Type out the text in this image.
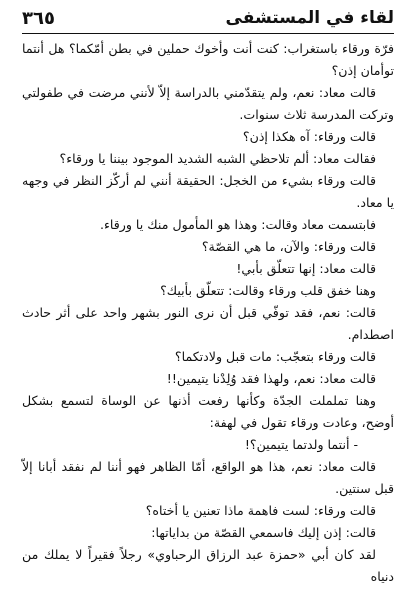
٣٦٥	لقاء في المستشفى

فرّة ورقاء باستغراب: كنت أنت وأخوك حملين في بطن أمّكما؟ هل أنتما توأمان إذن؟

قالت معاد: نعم، ولم يتقدّمني بالدراسة إلاّ لأنني مرضت في طفولتي وتركت المدرسة ثلاث سنوات.

قالت ورقاء: آه هكذا إذن؟

فقالت معاد: ألم تلاحظي الشبه الشديد الموجود بيننا يا ورقاء؟

قالت ورقاء بشيء من الخجل: الحقيقة أنني لم أركّز النظر في وجهه يا معاد.

فابتسمت معاد وقالت: وهذا هو المأمول منك يا ورقاء.

قالت ورقاء: والآن، ما هي القصّة؟

قالت معاد: إنها تتعلّق بأبي!

وهنا خفق قلب ورقاء وقالت: تتعلّق بأبيك؟

قالت: نعم، فقد توفّي قبل أن نرى النور بشهر واحد على أثر حادث اصطدام.

قالت ورقاء بتعجّب: مات قبل ولادتكما؟

قالت معاد: نعم، ولهذا فقد وُلِدْنا يتيمين!!

وهنا تململت الجدّة وكأنها رفعت أذنها عن الوساة لتسمع بشكل أوضح، وعادت ورقاء تقول في لهفة:

- أنتما ولدتما يتيمين؟!

قالت معاد: نعم، هذا هو الواقع، أمّا الظاهر فهو أننا لم نفقد أبانا إلاّ قبل سنتين.

قالت ورقاء: لست فاهمة ماذا تعنين يا أختاه؟

قالت: إذن إليك فاسمعي القصّة من بداياتها:

لقد كان أبي «حمزة عبد الرزاق الرحباوي» رجلاً فقيراً لا يملك من دنياه
